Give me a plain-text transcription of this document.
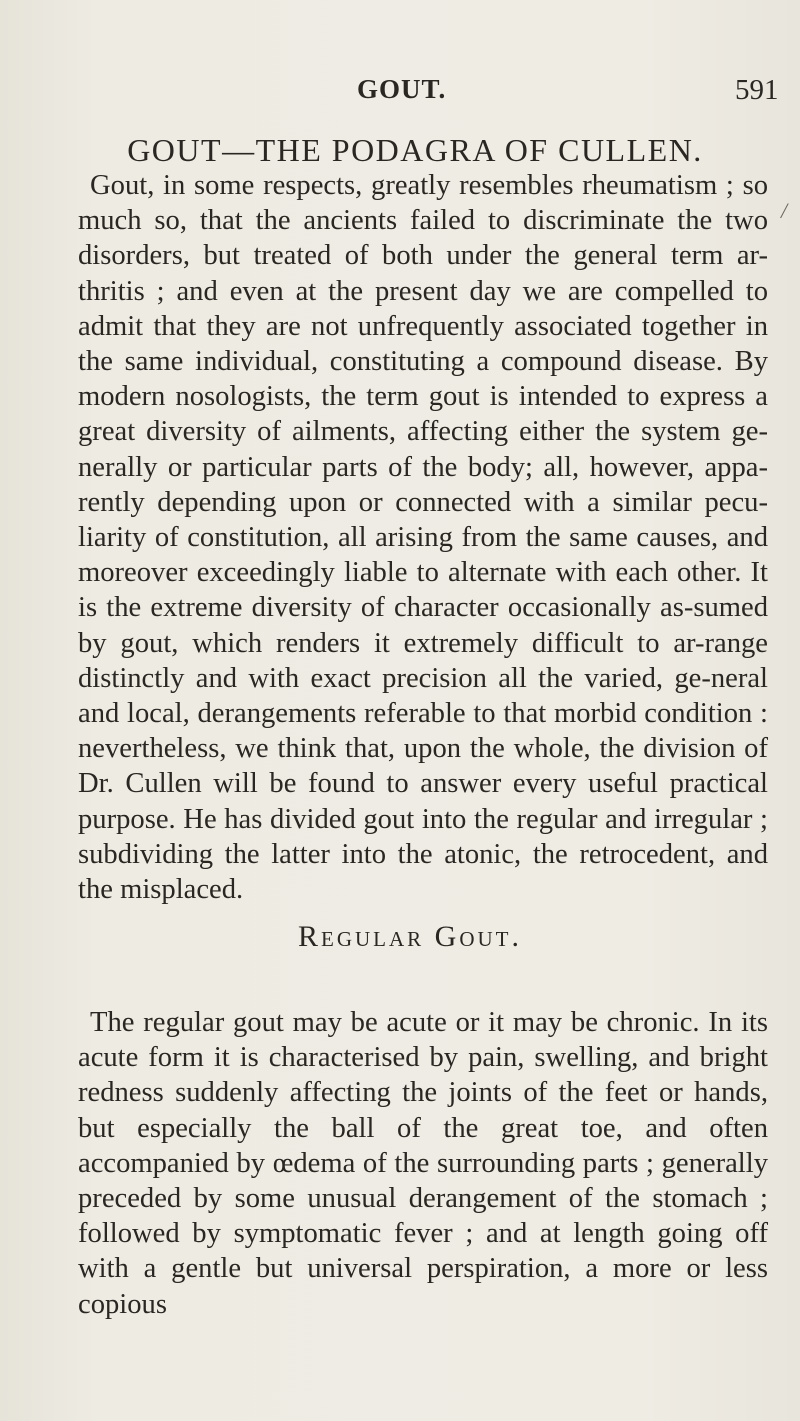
GOUT.	591
GOUT—THE PODAGRA OF CULLEN.
Gout, in some respects, greatly resembles rheumatism ; so much so, that the ancients failed to discriminate the two disorders, but treated of both under the general term ar-thritis ; and even at the present day we are compelled to admit that they are not unfrequently associated together in the same individual, constituting a compound disease. By modern nosologists, the term gout is intended to express a great diversity of ailments, affecting either the system ge-nerally or particular parts of the body; all, however, appa-rently depending upon or connected with a similar pecu-liarity of constitution, all arising from the same causes, and moreover exceedingly liable to alternate with each other. It is the extreme diversity of character occasionally as-sumed by gout, which renders it extremely difficult to ar-range distinctly and with exact precision all the varied, ge-neral and local, derangements referable to that morbid condition : nevertheless, we think that, upon the whole, the division of Dr. Cullen will be found to answer every useful practical purpose. He has divided gout into the regular and irregular ; subdividing the latter into the atonic, the retrocedent, and the misplaced.
Regular Gout.
The regular gout may be acute or it may be chronic. In its acute form it is characterised by pain, swelling, and bright redness suddenly affecting the joints of the feet or hands, but especially the ball of the great toe, and often accompanied by œdema of the surrounding parts ; generally preceded by some unusual derangement of the stomach ; followed by symptomatic fever ; and at length going off with a gentle but universal perspiration, a more or less copious
/
